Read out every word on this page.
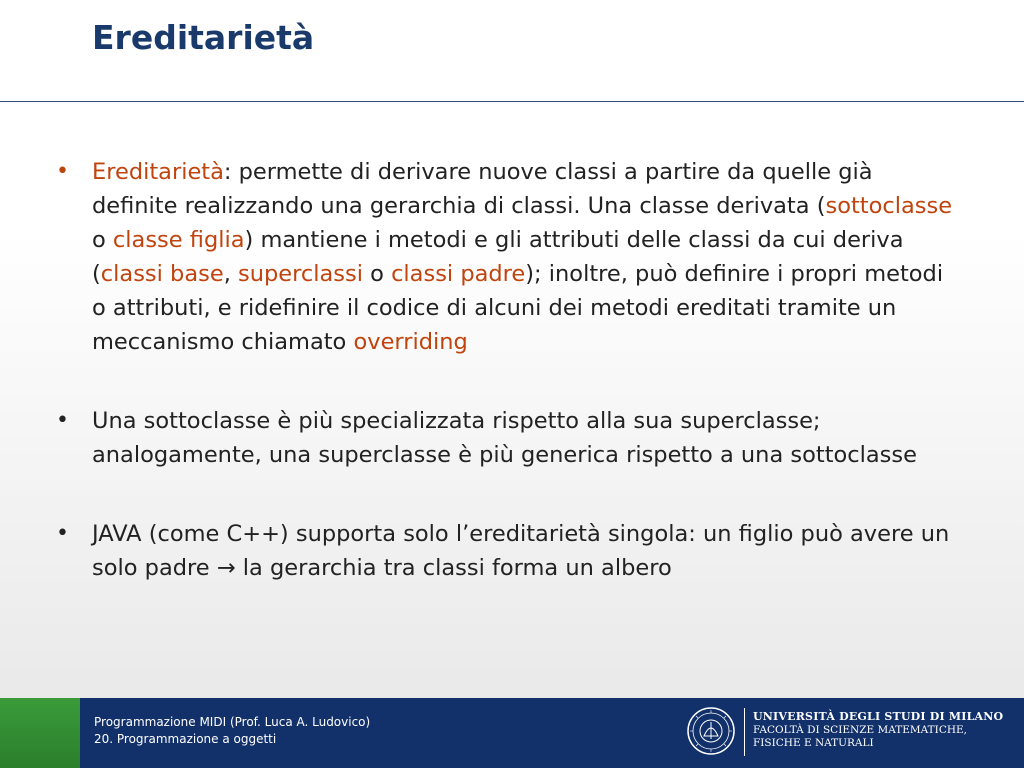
Ereditarietà
• Ereditarietà: permette di derivare nuove classi a partire da quelle già definite realizzando una gerarchia di classi. Una classe derivata (sottoclasse o classe figlia) mantiene i metodi e gli attributi delle classi da cui deriva (classi base, superclassi o classi padre); inoltre, può definire i propri metodi o attributi, e ridefinire il codice di alcuni dei metodi ereditati tramite un meccanismo chiamato overriding
• Una sottoclasse è più specializzata rispetto alla sua superclasse; analogamente, una superclasse è più generica rispetto a una sottoclasse
• JAVA (come C++) supporta solo l’ereditarietà singola: un figlio può avere un solo padre → la gerarchia tra classi forma un albero
Programmazione MIDI (Prof. Luca A. Ludovico)
20. Programmazione a oggetti
UNIVERSITÀ DEGLI STUDI DI MILANO
FACOLTÀ DI SCIENZE MATEMATICHE,
FISICHE E NATURALI
